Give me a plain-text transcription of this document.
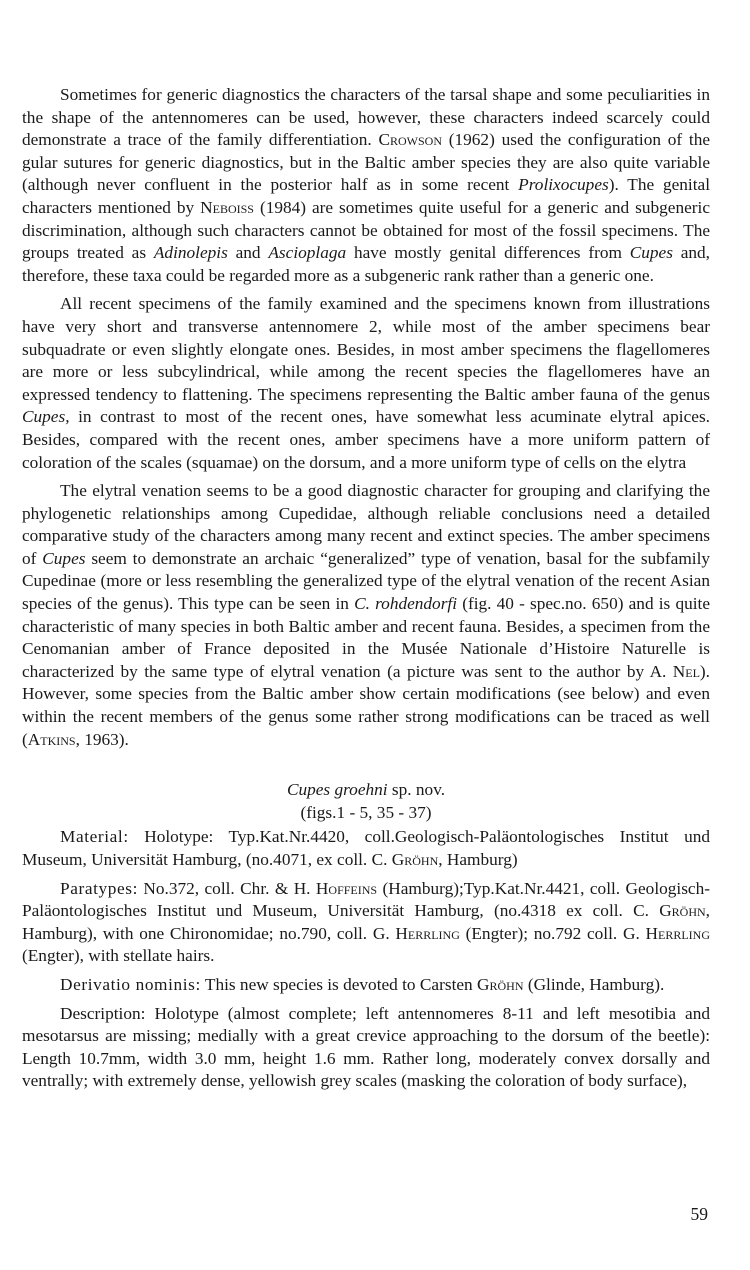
Sometimes for generic diagnostics the characters of the tarsal shape and some peculiarities in the shape of the antennomeres can be used, however, these characters indeed scarcely could demonstrate a trace of the family differentiation. Crowson (1962) used the configuration of the gular sutures for generic diagnostics, but in the Baltic amber species they are also quite variable (although never confluent in the posterior half as in some recent Prolixocupes). The genital characters mentioned by Neboiss (1984) are sometimes quite useful for a generic and subgeneric discrimination, although such characters cannot be obtained for most of the fossil specimens. The groups treated as Adinolepis and Ascioplaga have mostly genital differences from Cupes and, therefore, these taxa could be regarded more as a subgeneric rank rather than a generic one.

All recent specimens of the family examined and the specimens known from illustrations have very short and transverse antennomere 2, while most of the amber specimens bear subquadrate or even slightly elongate ones. Besides, in most amber specimens the flagellomeres are more or less subcylindrical, while among the recent species the flagellomeres have an expressed tendency to flattening. The specimens representing the Baltic amber fauna of the genus Cupes, in contrast to most of the recent ones, have somewhat less acuminate elytral apices. Besides, compared with the recent ones, amber specimens have a more uniform pattern of coloration of the scales (squamae) on the dorsum, and a more uniform type of cells on the elytra

The elytral venation seems to be a good diagnostic character for grouping and clarifying the phylogenetic relationships among Cupedidae, although reliable conclusions need a detailed comparative study of the characters among many recent and extinct species. The amber specimens of Cupes seem to demonstrate an archaic “generalized” type of venation, basal for the subfamily Cupedinae (more or less resembling the generalized type of the elytral venation of the recent Asian species of the genus). This type can be seen in C. rohdendorfi (fig. 40 - spec.no. 650) and is quite characteristic of many species in both Baltic amber and recent fauna. Besides, a specimen from the Cenomanian amber of France deposited in the Musée Nationale d’Histoire Naturelle is characterized by the same type of elytral venation (a picture was sent to the author by A. Nel). However, some species from the Baltic amber show certain modifications (see below) and even within the recent members of the genus some rather strong modifications can be traced as well (Atkins, 1963).

Cupes groehni sp. nov.

(figs.1 - 5, 35 - 37)

Material: Holotype: Typ.Kat.Nr.4420, coll.Geologisch-Paläontologisches Institut und Museum, Universität Hamburg, (no.4071, ex coll. C. Gröhn, Hamburg)

Paratypes: No.372, coll. Chr. & H. Hoffeins (Hamburg);Typ.Kat.Nr.4421, coll. Geologisch-Paläontologisches Institut und Museum, Universität Hamburg, (no.4318 ex coll. C. Gröhn, Hamburg), with one Chironomidae; no.790, coll. G. Herrling (Engter); no.792 coll. G. Herrling (Engter), with stellate hairs.

Derivatio nominis: This new species is devoted to Carsten Gröhn (Glinde, Hamburg).

Description: Holotype (almost complete; left antennomeres 8-11 and left mesotibia and mesotarsus are missing; medially with a great crevice approaching to the dorsum of the beetle): Length 10.7mm, width 3.0 mm, height 1.6 mm. Rather long, moderately convex dorsally and ventrally; with extremely dense, yellowish grey scales (masking the coloration of body surface),

59
